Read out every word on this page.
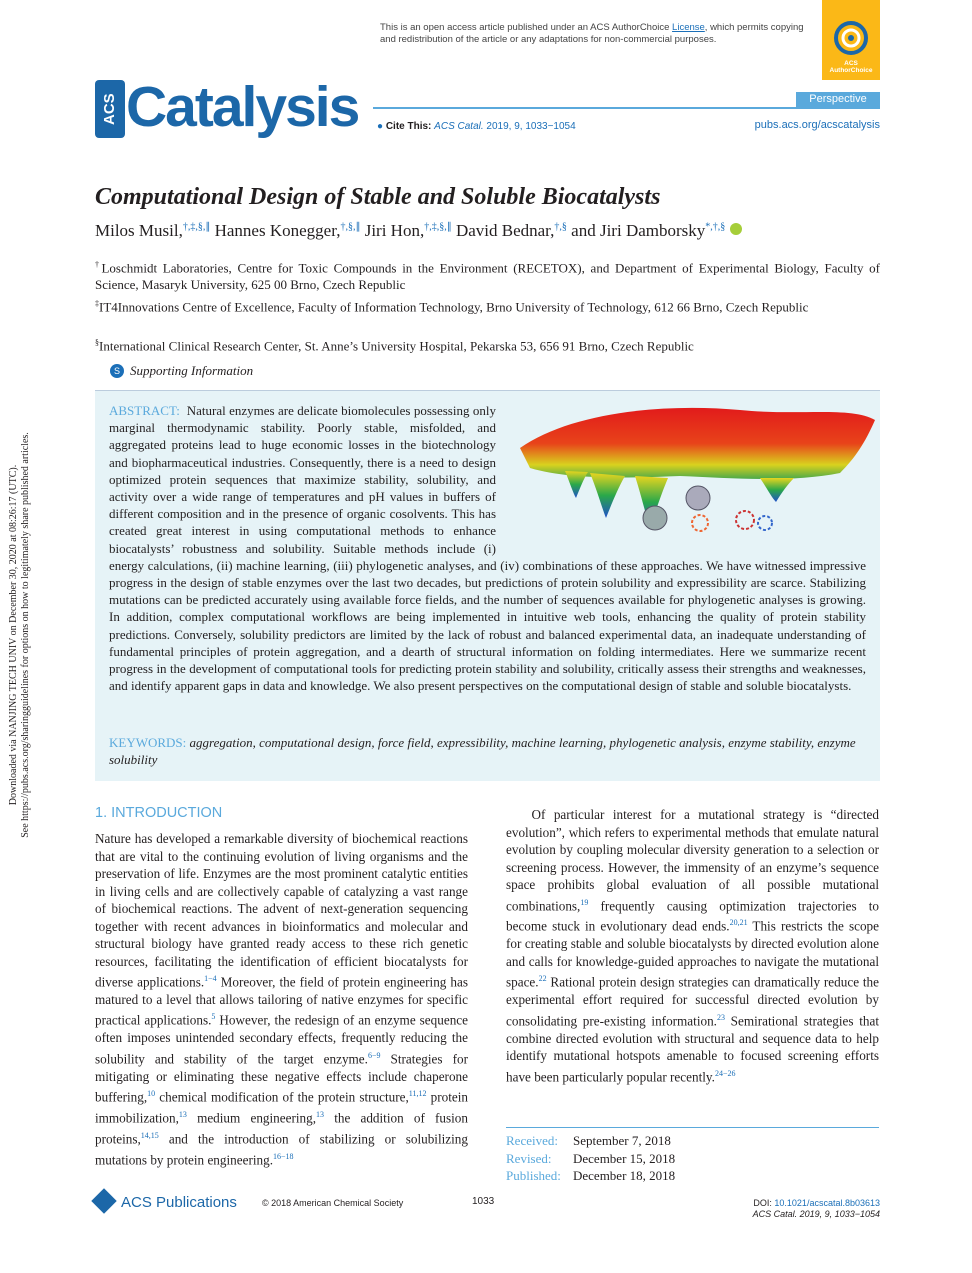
This is an open access article published under an ACS AuthorChoice License, which permits copying and redistribution of the article or any adaptations for non-commercial purposes.
ACS AuthorChoice
ACS Catalysis	Perspective
● Cite This: ACS Catal. 2019, 9, 1033−1054	pubs.acs.org/acscatalysis
Computational Design of Stable and Soluble Biocatalysts
Milos Musil,†,‡,§,∥ Hannes Konegger,†,§,∥ Jiri Hon,†,‡,§,∥ David Bednar,†,§ and Jiri Damborsky*,†,§
†Loschmidt Laboratories, Centre for Toxic Compounds in the Environment (RECETOX), and Department of Experimental Biology, Faculty of Science, Masaryk University, 625 00 Brno, Czech Republic
‡IT4Innovations Centre of Excellence, Faculty of Information Technology, Brno University of Technology, 612 66 Brno, Czech Republic
§International Clinical Research Center, St. Anne’s University Hospital, Pekarska 53, 656 91 Brno, Czech Republic
S Supporting Information
ABSTRACT: Natural enzymes are delicate biomolecules possessing only marginal thermodynamic stability. Poorly stable, misfolded, and aggregated proteins lead to huge economic losses in the biotechnology and biopharmaceutical industries. Consequently, there is a need to design optimized protein sequences that maximize stability, solubility, and activity over a wide range of temperatures and pH values in buffers of different composition and in the presence of organic cosolvents. This has created great interest in using computational methods to enhance biocatalysts’ robustness and solubility. Suitable methods include (i) energy calculations, (ii) machine learning, (iii) phylogenetic analyses, and (iv) combinations of these approaches. We have witnessed impressive progress in the design of stable enzymes over the last two decades, but predictions of protein solubility and expressibility are scarce. Stabilizing mutations can be predicted accurately using available force fields, and the number of sequences available for phylogenetic analyses is growing. In addition, complex computational workflows are being implemented in intuitive web tools, enhancing the quality of protein stability predictions. Conversely, solubility predictors are limited by the lack of robust and balanced experimental data, an inadequate understanding of fundamental principles of protein aggregation, and a dearth of structural information on folding intermediates. Here we summarize recent progress in the development of computational tools for predicting protein stability and solubility, critically assess their strengths and weaknesses, and identify apparent gaps in data and knowledge. We also present perspectives on the computational design of stable and soluble biocatalysts.
KEYWORDS: aggregation, computational design, force field, expressibility, machine learning, phylogenetic analysis, enzyme stability, enzyme solubility
1. INTRODUCTION
Nature has developed a remarkable diversity of biochemical reactions that are vital to the continuing evolution of living organisms and the preservation of life. Enzymes are the most prominent catalytic entities in living cells and are collectively capable of catalyzing a vast range of biochemical reactions. The advent of next-generation sequencing together with recent advances in bioinformatics and molecular and structural biology have granted ready access to these rich genetic resources, facilitating the identification of efficient biocatalysts for diverse applications.$^{1-4}$ Moreover, the field of protein engineering has matured to a level that allows tailoring of native enzymes for specific practical applications.$^5$ However, the redesign of an enzyme sequence often imposes unintended secondary effects, frequently reducing the solubility and stability of the target enzyme.$^{6-9}$ Strategies for mitigating or eliminating these negative effects include chaperone buffering,$^{10}$ chemical modification of the protein structure,$^{11,12}$ protein immobilization,$^{13}$ medium engineering,$^{13}$ the addition of fusion proteins,$^{14,15}$ and the introduction of stabilizing or solubilizing mutations by protein engineering.$^{16-18}$
Of particular interest for a mutational strategy is “directed evolution”, which refers to experimental methods that emulate natural evolution by coupling molecular diversity generation to a selection or screening process. However, the immensity of an enzyme’s sequence space prohibits global evaluation of all possible mutational combinations,$^{19}$ frequently causing optimization trajectories to become stuck in evolutionary dead ends.$^{20,21}$ This restricts the scope for creating stable and soluble biocatalysts by directed evolution alone and calls for knowledge-guided approaches to navigate the mutational space.$^{22}$ Rational protein design strategies can dramatically reduce the experimental effort required for successful directed evolution by consolidating pre-existing information.$^{23}$ Semirational strategies that combine directed evolution with structural and sequence data to help identify mutational hotspots amenable to focused screening efforts have been particularly popular recently.$^{24-26}$
Received: September 7, 2018
Revised: December 15, 2018
Published: December 18, 2018
ACS Publications	© 2018 American Chemical Society	1033	DOI: 10.1021/acscatal.8b03613
ACS Catal. 2019, 9, 1033−1054
Downloaded via NANJING TECH UNIV on December 30, 2020 at 08:26:17 (UTC). See https://pubs.acs.org/sharingguidelines for options on how to legitimately share published articles.
